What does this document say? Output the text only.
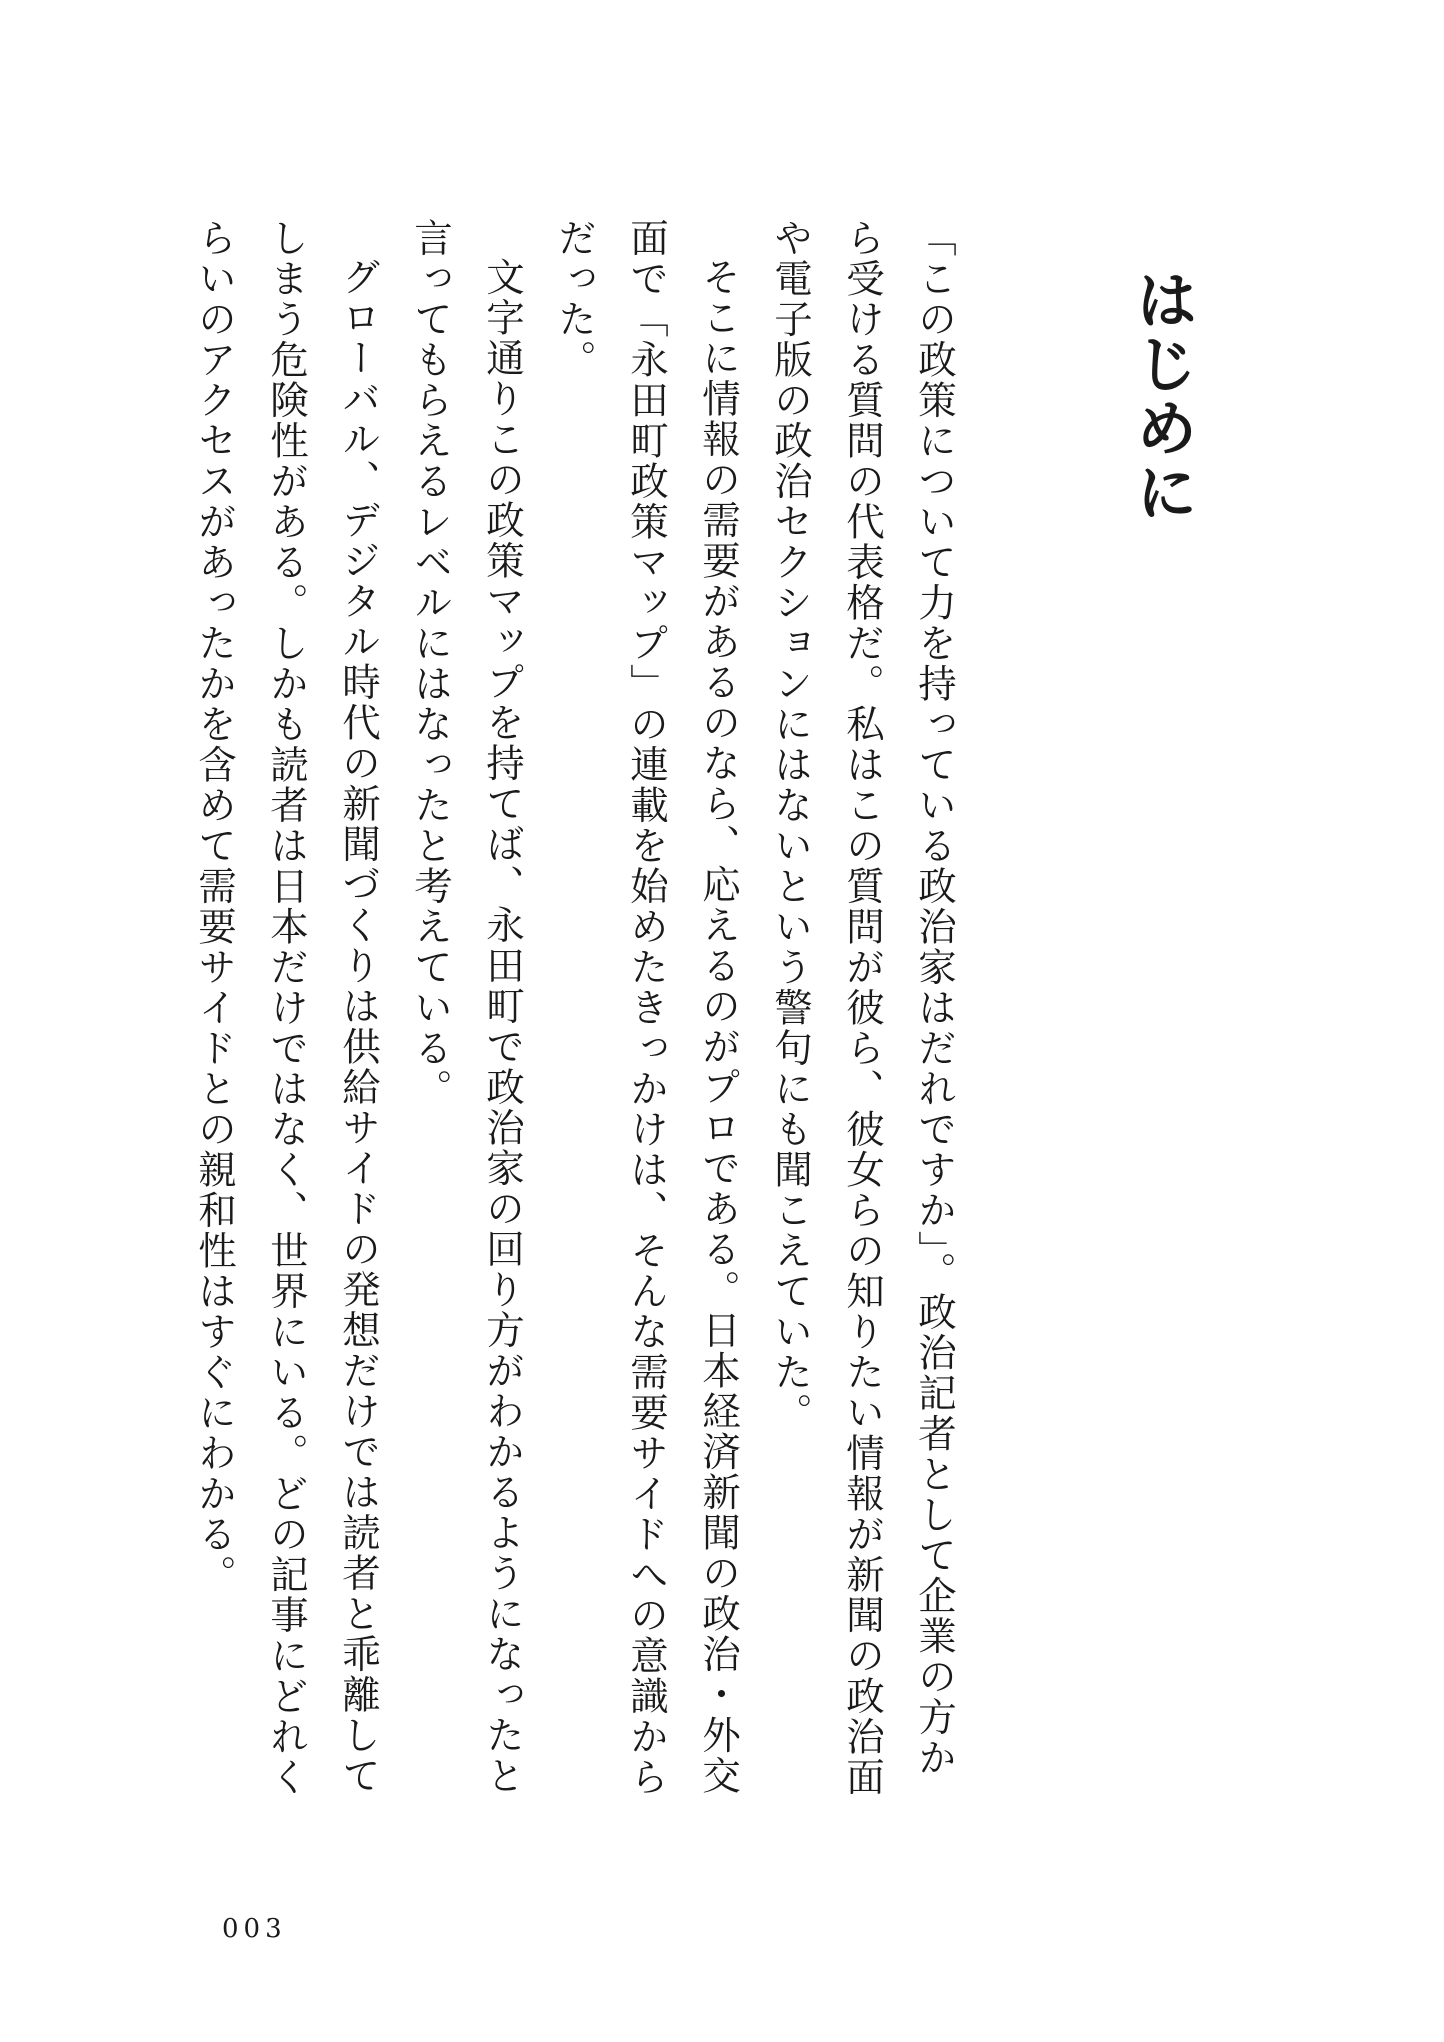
はじめに

「この政策について力を持っている政治家はだれですか」。政治記者として企業の方から受ける質問の代表格だ。私はこの質問が彼ら、彼女らの知りたい情報が新聞の政治面や電子版の政治セクションにはないという警句にも聞こえていた。

そこに情報の需要があるのなら、応えるのがプロである。日本経済新聞の政治・外交面で「永田町政策マップ」の連載を始めたきっかけは、そんな需要サイドへの意識からだった。

文字通りこの政策マップを持てば、永田町で政治家の回り方がわかるようになったと言ってもらえるレベルにはなったと考えている。

グローバル、デジタル時代の新聞づくりは供給サイドの発想だけでは読者と乖離してしまう危険性がある。しかも読者は日本だけではなく、世界にいる。どの記事にどれくらいのアクセスがあったかを含めて需要サイドとの親和性はすぐにわかる。

003
